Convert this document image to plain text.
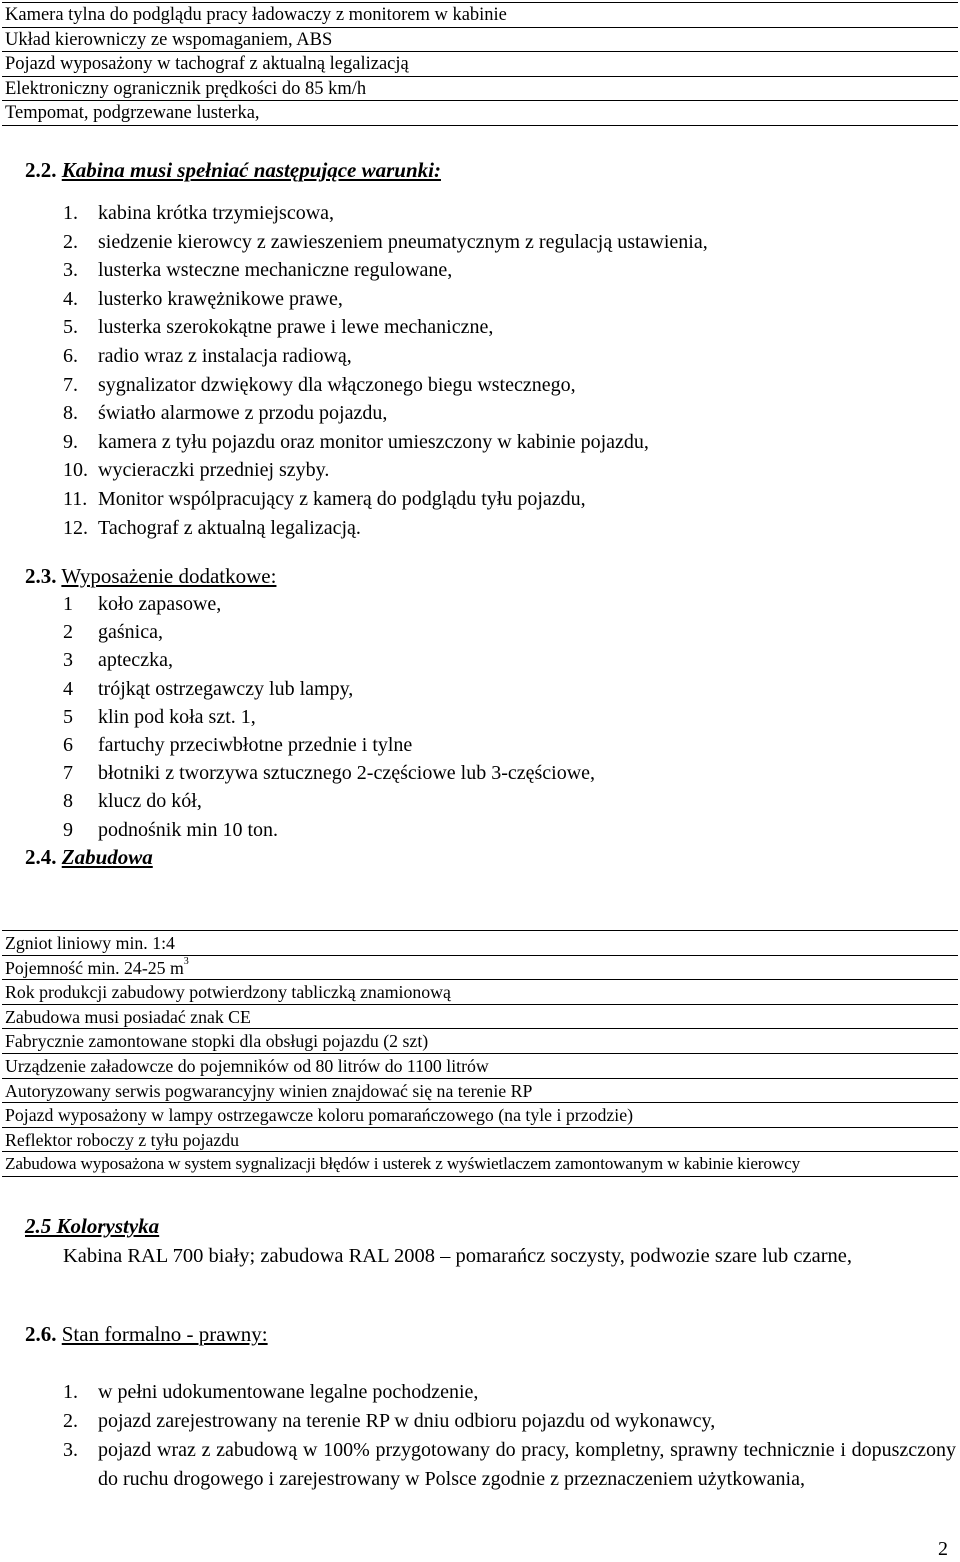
Kamera tylna do podglądu pracy ładowaczy z monitorem w kabinie
Układ kierowniczy ze wspomaganiem, ABS
Pojazd wyposażony w tachograf z aktualną legalizacją
Elektroniczny ogranicznik prędkości do 85 km/h
Tempomat, podgrzewane lusterka,
2.2. Kabina musi spełniać następujące warunki:
1. kabina krótka trzymiejscowa,
2. siedzenie kierowcy z zawieszeniem pneumatycznym z regulacją ustawienia,
3. lusterka wsteczne mechaniczne regulowane,
4. lusterko krawężnikowe prawe,
5. lusterka szerokokątne prawe i lewe mechaniczne,
6. radio wraz z instalacja radiową,
7. sygnalizator dzwiękowy dla włączonego biegu wstecznego,
8. światło alarmowe z przodu pojazdu,
9. kamera z tyłu pojazdu oraz monitor umieszczony w kabinie pojazdu,
10. wycieraczki przedniej szyby.
11. Monitor wspólpracujący z kamerą do podglądu tyłu pojazdu,
12. Tachograf z aktualną legalizacją.
2.3. Wyposażenie dodatkowe:
1 koło zapasowe,
2 gaśnica,
3 apteczka,
4 trójkąt ostrzegawczy lub lampy,
5 klin pod koła szt. 1,
6 fartuchy przeciwbłotne przednie i tylne
7 błotniki z tworzywa sztucznego 2-częściowe lub 3-częściowe,
8 klucz do kół,
9 podnośnik min 10 ton.
2.4. Zabudowa
Zgniot liniowy min. 1:4
Pojemność min. 24-25 $m^3$
Rok produkcji zabudowy potwierdzony tabliczką znamionową
Zabudowa musi posiadać znak CE
Fabrycznie zamontowane stopki dla obsługi pojazdu (2 szt)
Urządzenie załadowcze do pojemników od 80 litrów do 1100 litrów
Autoryzowany serwis pogwarancyjny winien znajdować się na terenie RP
Pojazd wyposażony w lampy ostrzegawcze koloru pomarańczowego (na tyle i przodzie)
Reflektor roboczy z tyłu pojazdu
Zabudowa wyposażona w system sygnalizacji błędów i usterek z wyświetlaczem zamontowanym w kabinie kierowcy
2.5 Kolorystyka
Kabina RAL 700 biały; zabudowa RAL 2008 – pomarańcz soczysty, podwozie szare lub czarne,
2.6. Stan formalno - prawny:
1. w pełni udokumentowane legalne pochodzenie,
2. pojazd zarejestrowany na terenie RP w dniu odbioru pojazdu od wykonawcy,
3. pojazd wraz z zabudową w 100% przygotowany do pracy, kompletny, sprawny technicznie i dopuszczony do ruchu drogowego i zarejestrowany w Polsce zgodnie z przeznaczeniem użytkowania,
2
